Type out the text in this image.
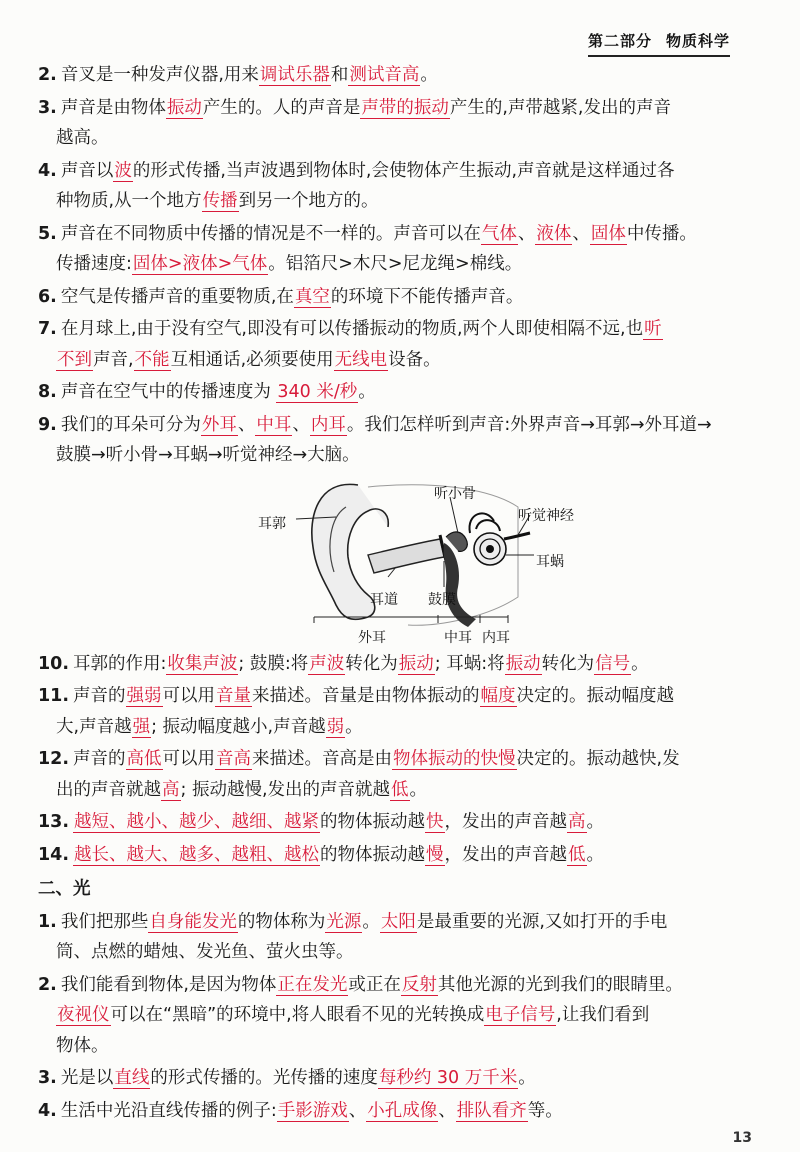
第二部分 物质科学
2. 音叉是一种发声仪器,用来调试乐器和测试音高。
3. 声音是由物体振动产生的。人的声音是声带的振动产生的,声带越紧,发出的声音
越高。
4. 声音以波的形式传播,当声波遇到物体时,会使物体产生振动,声音就是这样通过各
种物质,从一个地方传播到另一个地方的。
5. 声音在不同物质中传播的情况是不一样的。声音可以在气体、液体、固体中传播。
传播速度:固体>液体>气体。铝箔尺>木尺>尼龙绳>棉线。
6. 空气是传播声音的重要物质,在真空的环境下不能传播声音。
7. 在月球上,由于没有空气,即没有可以传播振动的物质,两个人即使相隔不远,也听
不到声音,不能互相通话,必须要使用无线电设备。
8. 声音在空气中的传播速度为 340 米/秒。
9. 我们的耳朵可分为外耳、中耳、内耳。我们怎样听到声音:外界声音→耳郭→外耳道→
鼓膜→听小骨→耳蜗→听觉神经→大脑。
耳郭
听小骨
听觉神经
耳蜗
耳道 鼓膜
外耳	中耳 内耳
10. 耳郭的作用:收集声波; 鼓膜:将声波转化为振动; 耳蜗:将振动转化为信号。
11. 声音的强弱可以用音量来描述。音量是由物体振动的幅度决定的。振动幅度越
大,声音越强; 振动幅度越小,声音越弱。
12. 声音的高低可以用音高来描述。音高是由物体振动的快慢决定的。振动越快,发
出的声音就越高; 振动越慢,发出的声音就越低。
13. 越短、越小、越少、越细、越紧的物体振动越快，发出的声音越高。
14. 越长、越大、越多、越粗、越松的物体振动越慢，发出的声音越低。
二、光
1. 我们把那些自身能发光的物体称为光源。太阳是最重要的光源,又如打开的手电
筒、点燃的蜡烛、发光鱼、萤火虫等。
2. 我们能看到物体,是因为物体正在发光或正在反射其他光源的光到我们的眼睛里。
夜视仪可以在“黑暗”的环境中,将人眼看不见的光转换成电子信号,让我们看到
物体。
3. 光是以直线的形式传播的。光传播的速度每秒约 30 万千米。
4. 生活中光沿直线传播的例子:手影游戏、小孔成像、排队看齐等。
13
